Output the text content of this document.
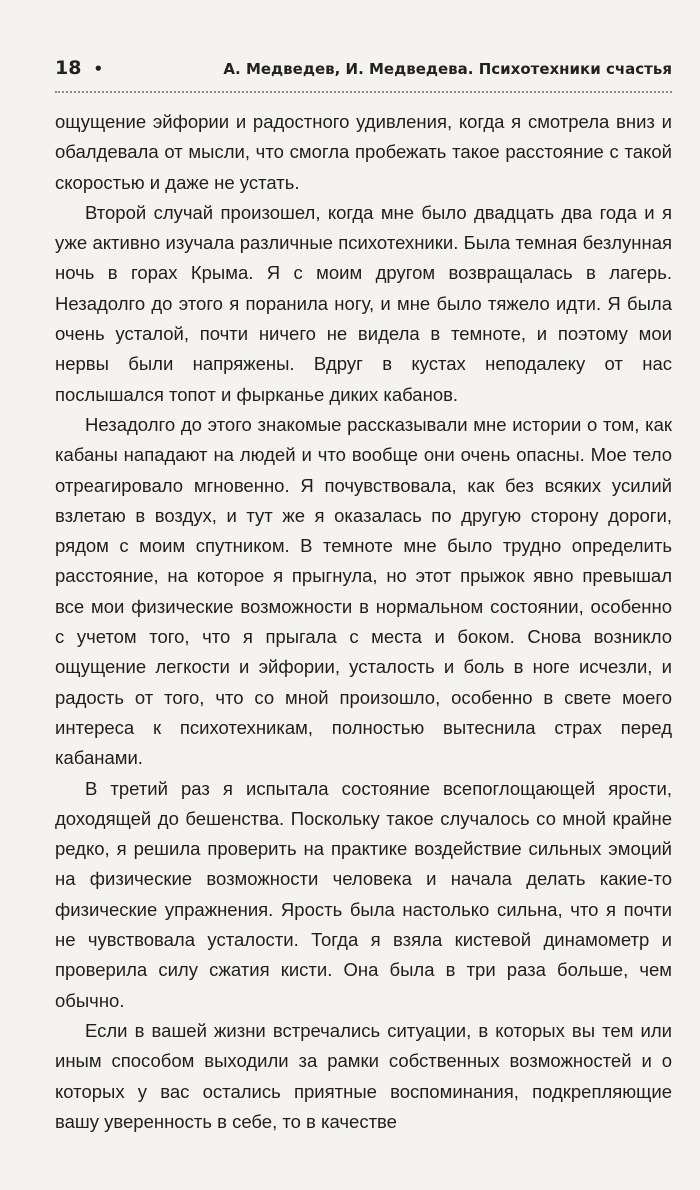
18 •	А. Медведев, И. Медведева. Психотехники счастья

ощущение эйфории и радостного удивления, когда я смотрела вниз и обалдевала от мысли, что смогла пробежать такое расстояние с такой скоростью и даже не устать.

Второй случай произошел, когда мне было двадцать два года и я уже активно изучала различные психотехники. Была темная безлунная ночь в горах Крыма. Я с моим другом возвращалась в лагерь. Незадолго до этого я поранила ногу, и мне было тяжело идти. Я была очень усталой, почти ничего не видела в темноте, и поэтому мои нервы были напряжены. Вдруг в кустах неподалеку от нас послышался топот и фырканье диких кабанов.

Незадолго до этого знакомые рассказывали мне истории о том, как кабаны нападают на людей и что вообще они очень опасны. Мое тело отреагировало мгновенно. Я почувствовала, как без всяких усилий взлетаю в воздух, и тут же я оказалась по другую сторону дороги, рядом с моим спутником. В темноте мне было трудно определить расстояние, на которое я прыгнула, но этот прыжок явно превышал все мои физические возможности в нормальном состоянии, особенно с учетом того, что я прыгала с места и боком. Снова возникло ощущение легкости и эйфории, усталость и боль в ноге исчезли, и радость от того, что со мной произошло, особенно в свете моего интереса к психотехникам, полностью вытеснила страх перед кабанами.

В третий раз я испытала состояние всепоглощающей ярости, доходящей до бешенства. Поскольку такое случалось со мной крайне редко, я решила проверить на практике воздействие сильных эмоций на физические возможности человека и начала делать какие-то физические упражнения. Ярость была настолько сильна, что я почти не чувствовала усталости. Тогда я взяла кистевой динамометр и проверила силу сжатия кисти. Она была в три раза больше, чем обычно.

Если в вашей жизни встречались ситуации, в которых вы тем или иным способом выходили за рамки собственных возможностей и о которых у вас остались приятные воспоминания, подкрепляющие вашу уверенность в себе, то в качестве
